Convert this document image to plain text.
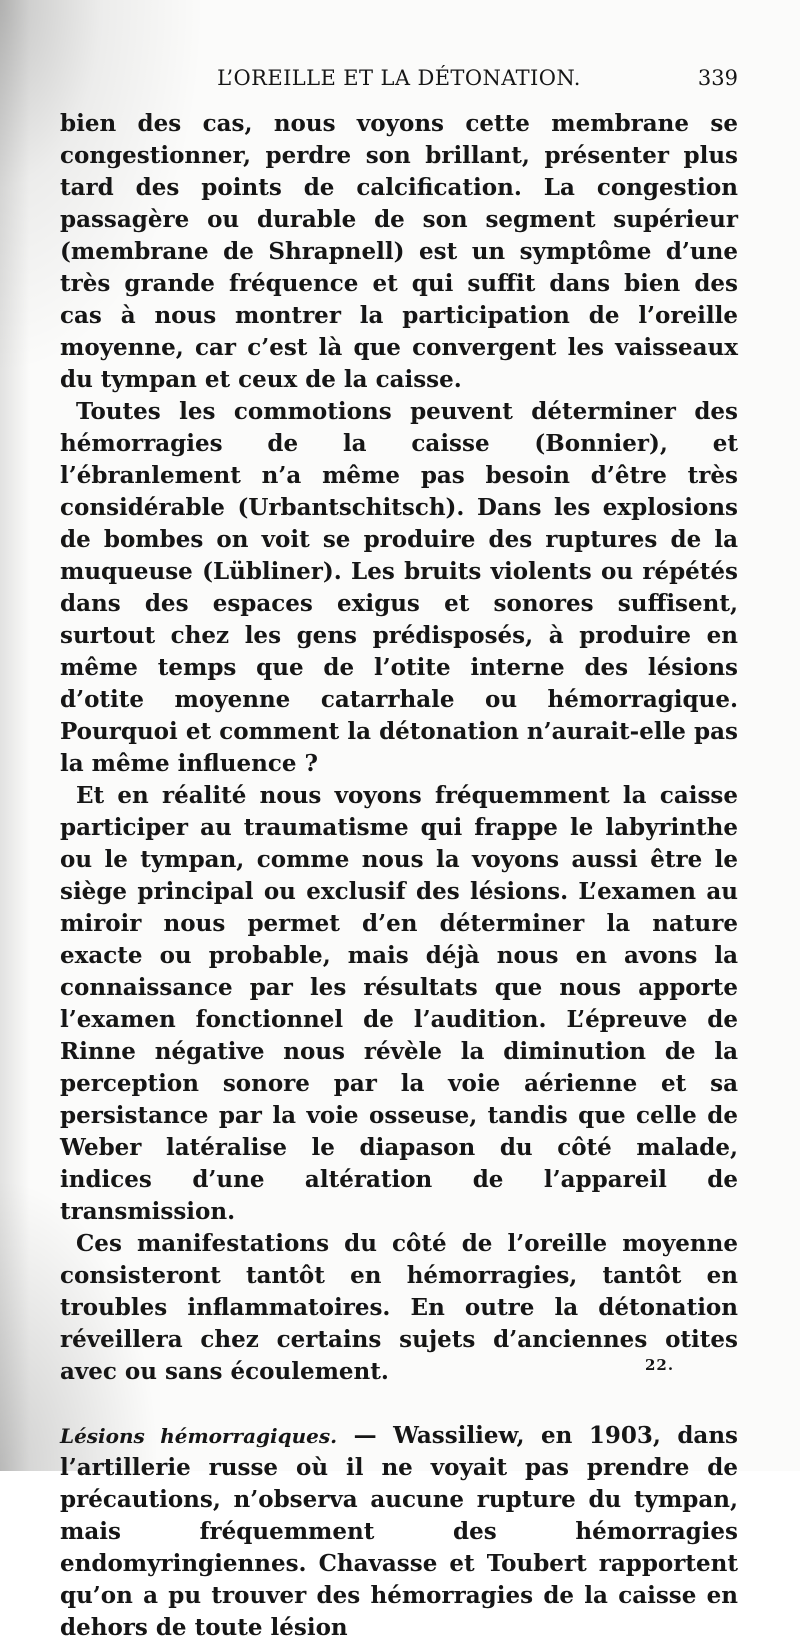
L’OREILLE ET LA DÉTONATION.	339

bien des cas, nous voyons cette membrane se congestionner, perdre son brillant, présenter plus tard des points de calcification. La congestion passagère ou durable de son segment supérieur (membrane de Shrapnell) est un symptôme d’une très grande fréquence et qui suffit dans bien des cas à nous montrer la participation de l’oreille moyenne, car c’est là que convergent les vaisseaux du tympan et ceux de la caisse.

Toutes les commotions peuvent déterminer des hémorragies de la caisse (Bonnier), et l’ébranlement n’a même pas besoin d’être très considérable (Urbantschitsch). Dans les explosions de bombes on voit se produire des ruptures de la muqueuse (Lübliner). Les bruits violents ou répétés dans des espaces exigus et sonores suffisent, surtout chez les gens prédisposés, à produire en même temps que de l’otite interne des lésions d’otite moyenne catarrhale ou hémorragique. Pourquoi et comment la détonation n’aurait-elle pas la même influence ?

Et en réalité nous voyons fréquemment la caisse participer au traumatisme qui frappe le labyrinthe ou le tympan, comme nous la voyons aussi être le siège principal ou exclusif des lésions. L’examen au miroir nous permet d’en déterminer la nature exacte ou probable, mais déjà nous en avons la connaissance par les résultats que nous apporte l’examen fonctionnel de l’audition. L’épreuve de Rinne négative nous révèle la diminution de la perception sonore par la voie aérienne et sa persistance par la voie osseuse, tandis que celle de Weber latéralise le diapason du côté malade, indices d’une altération de l’appareil de transmission.

Ces manifestations du côté de l’oreille moyenne consisteront tantôt en hémorragies, tantôt en troubles inflammatoires. En outre la détonation réveillera chez certains sujets d’anciennes otites avec ou sans écoulement.

Lésions hémorragiques. — Wassiliew, en 1903, dans l’artillerie russe où il ne voyait pas prendre de précautions, n’observa aucune rupture du tympan, mais fréquemment des hémorragies endomyringiennes. Chavasse et Toubert rapportent qu’on a pu trouver des hémorragies de la caisse en dehors de toute lésion

22.
